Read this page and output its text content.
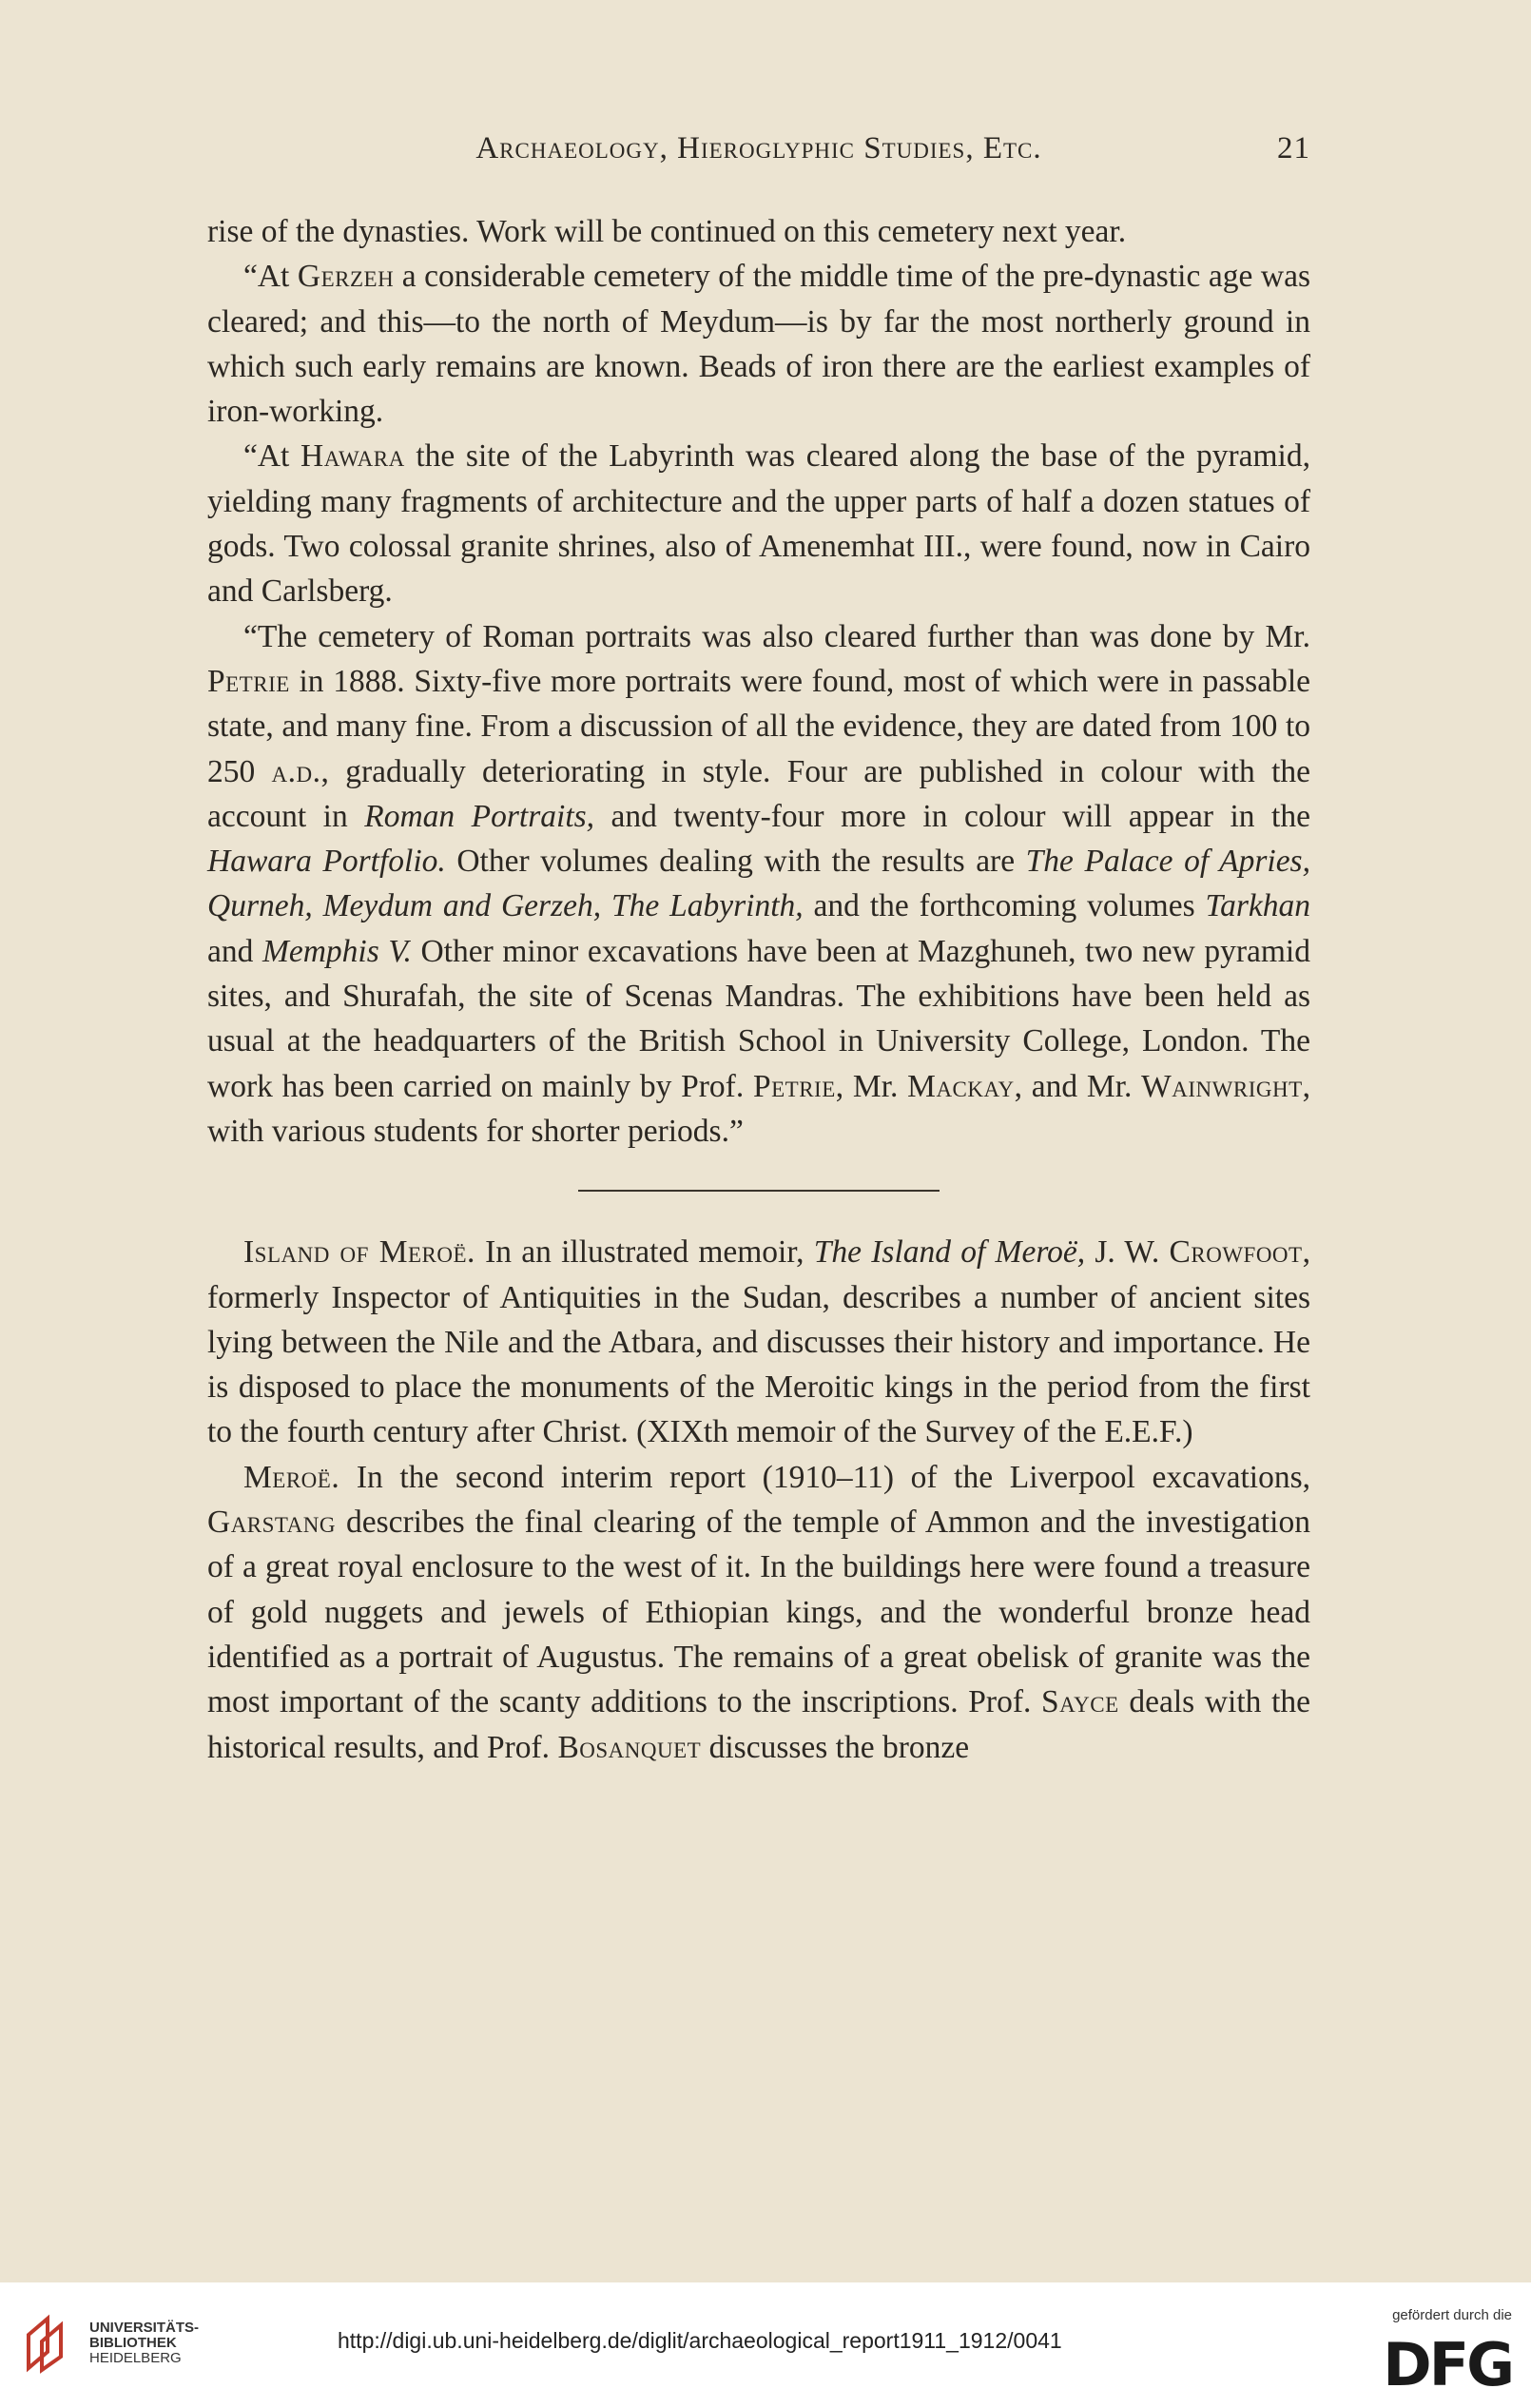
Archaeology, Hieroglyphic Studies, Etc.	21

rise of the dynasties. Work will be continued on this cemetery next year.

“At Gerzeh a considerable cemetery of the middle time of the pre-dynastic age was cleared; and this—to the north of Meydum—is by far the most northerly ground in which such early remains are known. Beads of iron there are the earliest examples of iron-working.

“At Hawara the site of the Labyrinth was cleared along the base of the pyramid, yielding many fragments of architecture and the upper parts of half a dozen statues of gods. Two colossal granite shrines, also of Amenemhat III., were found, now in Cairo and Carlsberg.

“The cemetery of Roman portraits was also cleared further than was done by Mr. Petrie in 1888. Sixty-five more portraits were found, most of which were in passable state, and many fine. From a discussion of all the evidence, they are dated from 100 to 250 a.d., gradually deteriorating in style. Four are published in colour with the account in Roman Portraits, and twenty-four more in colour will appear in the Hawara Portfolio. Other volumes dealing with the results are The Palace of Apries, Qurneh, Meydum and Gerzeh, The Labyrinth, and the forthcoming volumes Tarkhan and Memphis V. Other minor excavations have been at Mazghuneh, two new pyramid sites, and Shurafah, the site of Scenas Mandras. The exhibitions have been held as usual at the headquarters of the British School in University College, London. The work has been carried on mainly by Prof. Petrie, Mr. Mackay, and Mr. Wainwright, with various students for shorter periods.”

Island of Meroë. In an illustrated memoir, The Island of Meroë, J. W. Crowfoot, formerly Inspector of Antiquities in the Sudan, describes a number of ancient sites lying between the Nile and the Atbara, and discusses their history and importance. He is disposed to place the monuments of the Meroitic kings in the period from the first to the fourth century after Christ. (XIXth memoir of the Survey of the E.E.F.)

Meroë. In the second interim report (1910–11) of the Liverpool excavations, Garstang describes the final clearing of the temple of Ammon and the investigation of a great royal enclosure to the west of it. In the buildings here were found a treasure of gold nuggets and jewels of Ethiopian kings, and the wonderful bronze head identified as a portrait of Augustus. The remains of a great obelisk of granite was the most important of the scanty additions to the inscriptions. Prof. Sayce deals with the historical results, and Prof. Bosanquet discusses the bronze

UNIVERSITÄTS-
BIBLIOTHEK
HEIDELBERG
http://digi.ub.uni-heidelberg.de/diglit/archaeological_report1911_1912/0041
gefördert durch die
DFG
